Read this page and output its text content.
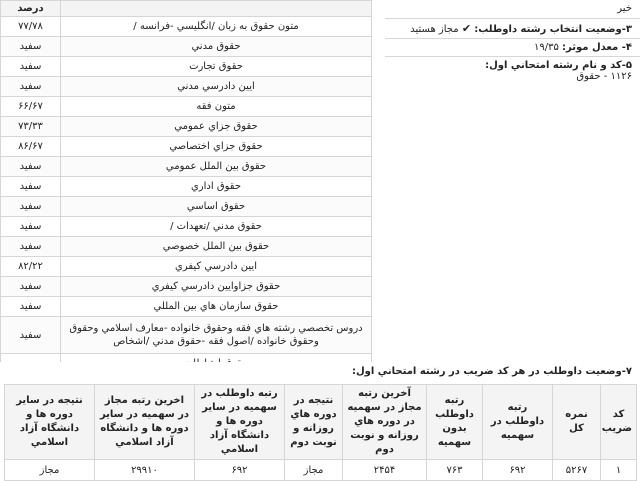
	درصد
متون حقوق به زبان /انگلیسي -فرانسه /	۷۷/۷۸
حقوق مدني	سفيد
حقوق تجارت	سفيد
ايين دادرسي مدني	سفيد
متون فقه	۶۶/۶۷
حقوق جزاي عمومي	۷۳/۳۳
حقوق جزاي اختصاصي	۸۶/۶۷
حقوق بين الملل عمومي	سفيد
حقوق اداري	سفيد
حقوق اساسي	سفيد
حقوق مدني /تعهدات /	سفيد
حقوق بين الملل خصوصي	سفيد
ايين دادرسي كيفري	۸۲/۲۲
حقوق جزاوايين دادرسي كيفري	سفيد
حقوق سازمان هاي بين المللي	سفيد
دروس تخصصي رشته هاي فقه وحقوق خانواده -معارف اسلامي وحقوق وحقوق خانواده /اصول فقه -حقوق مدني /اشخاص	سفيد

خير
۳-وضعيت انتخاب رشته داوطلب: ✔ مجاز هستيد
۴- معدل موثر: ۱۹/۳۵
۵-كد و نام رشته امتحاني اول:
۱۱۲۶ - حقوق
۷-وضعيت داوطلب در هر كد ضريب در رشته امتحاني اول:
كد ضريب	نمره كل	رتبه داوطلب در سهميه	رتبه داوطلب بدون سهميه	آخرين رتبه مجاز در سهميه در دوره هاي روزانه و نوبت دوم	نتيجه در دوره هاي روزانه و نوبت دوم	رتبه داوطلب در سهميه در ساير دوره ها و دانشگاه آزاد اسلامي	اخرين رتبه مجاز در سهميه در ساير دوره ها و دانشگاه آزاد اسلامي	نتيجه در ساير دوره ها و دانشگاه آزاد اسلامي
۱	۵۲۶۷	۶۹۲	۷۶۳	۲۴۵۴	مجاز	۶۹۲	۲۹۹۱۰	مجاز
